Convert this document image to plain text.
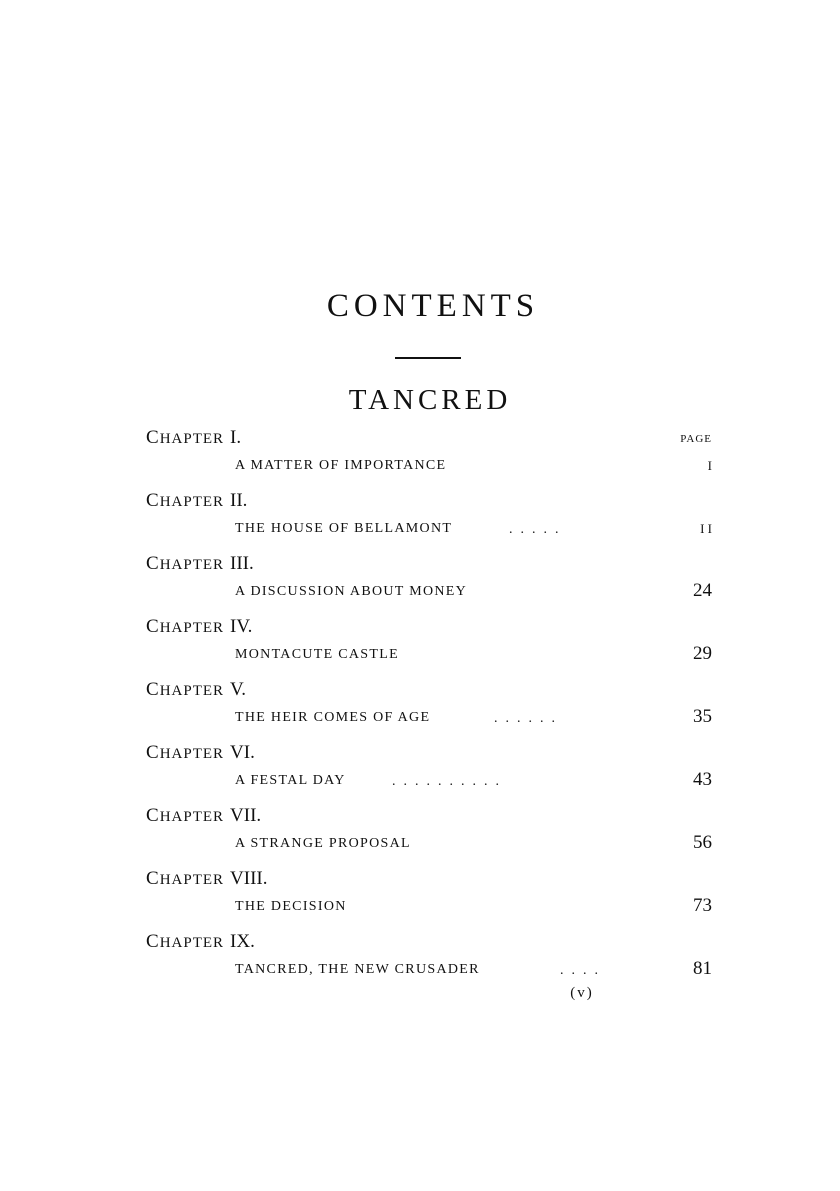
CONTENTS
TANCRED
PAGE
CHAPTER I.
A MATTER OF IMPORTANCE	I
CHAPTER II.
THE HOUSE OF BELLAMONT	.....	I I
CHAPTER III.
A DISCUSSION ABOUT MONEY	24
CHAPTER IV.
MONTACUTE CASTLE	29
CHAPTER V.
THE HEIR COMES OF AGE	......	35
CHAPTER VI.
A FESTAL DAY	..........	43
CHAPTER VII.
A STRANGE PROPOSAL	56
CHAPTER VIII.
THE DECISION	73
CHAPTER IX.
TANCRED, THE NEW CRUSADER	....	81
(v)
